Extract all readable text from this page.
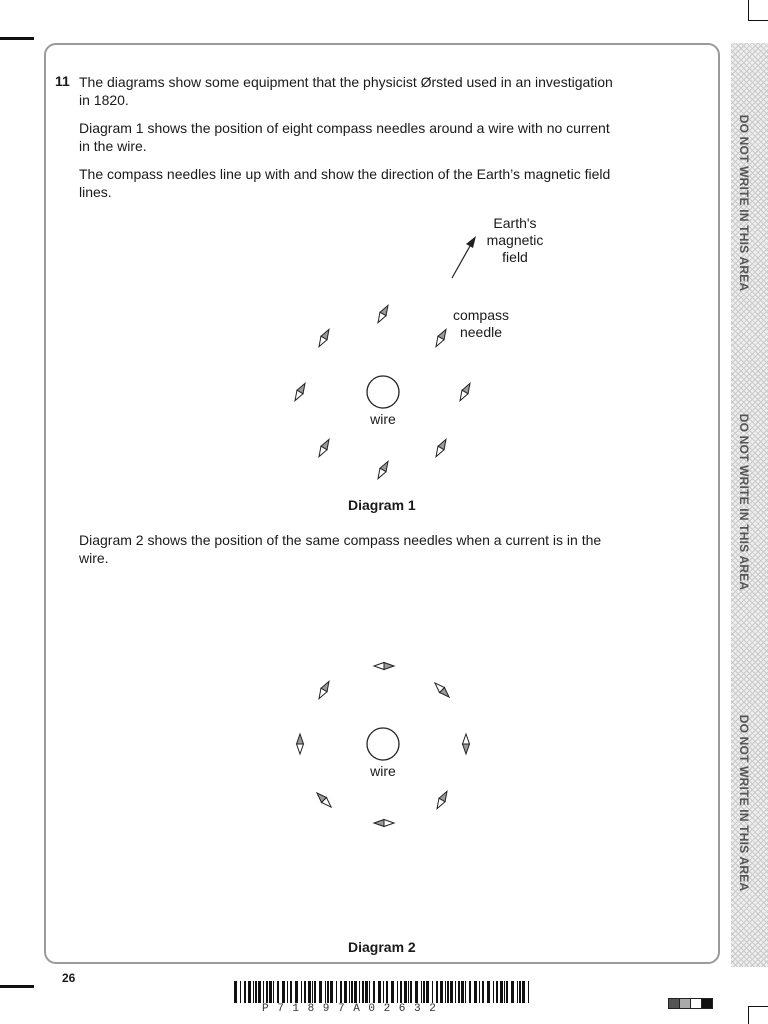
DO NOT WRITE IN THIS AREA
DO NOT WRITE IN THIS AREA
DO NOT WRITE IN THIS AREA
11 The diagrams show some equipment that the physicist Ørsted used in an investigation in 1820.

Diagram 1 shows the position of eight compass needles around a wire with no current in the wire.

The compass needles line up with and show the direction of the Earth’s magnetic field lines.

Earth's
magnetic
field
compass
needle
wire
Diagram 1

Diagram 2 shows the position of the same compass needles when a current is in the wire.

wire
Diagram 2
26
P71897A02632
